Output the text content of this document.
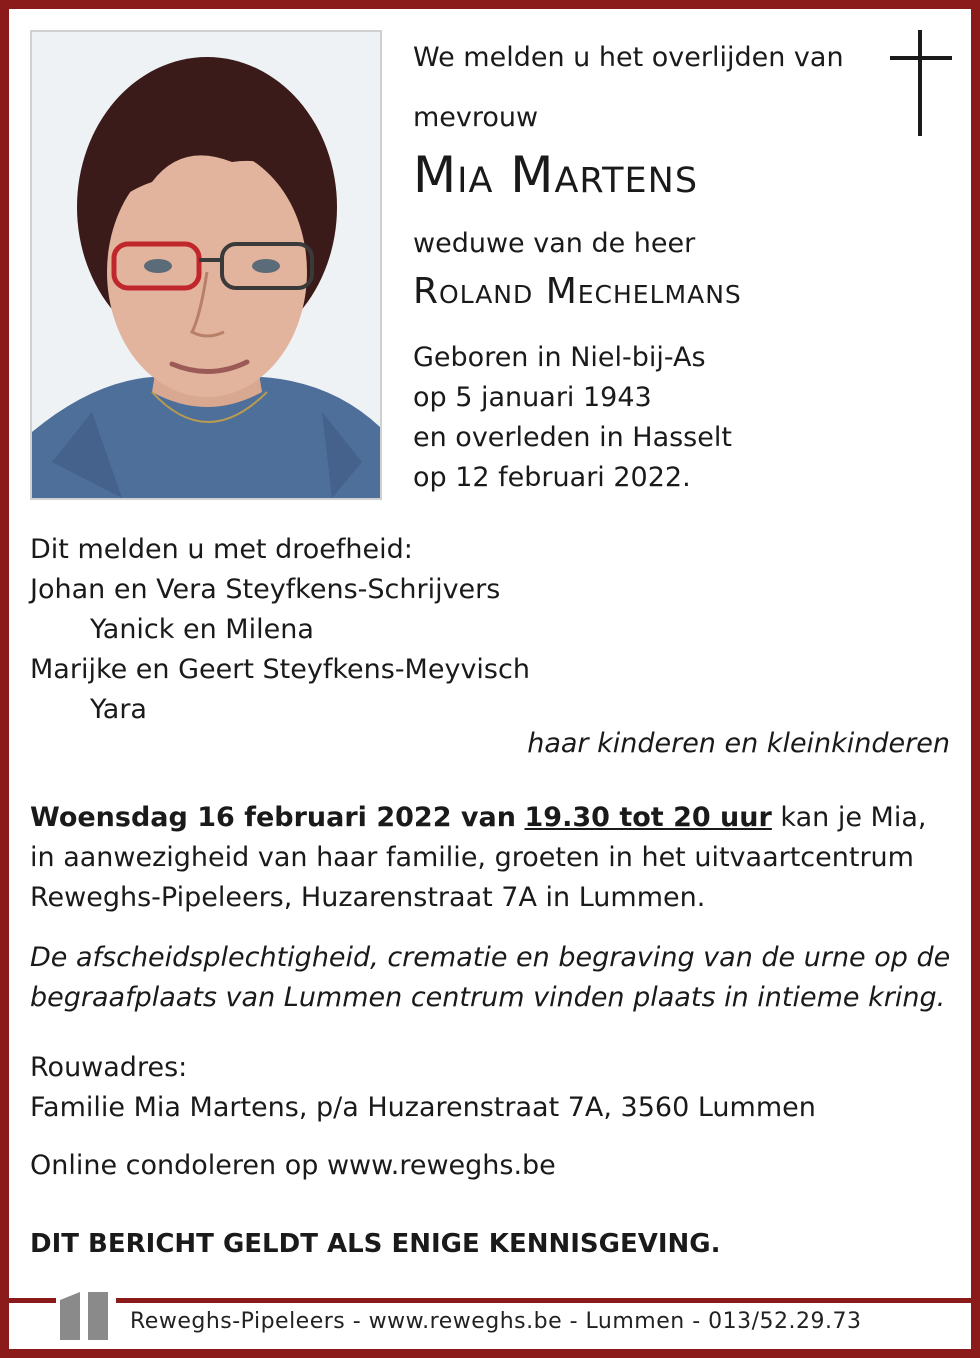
We melden u het overlijden van
mevrouw
Mia Martens
weduwe van de heer
Roland Mechelmans
Geboren in Niel-bij-As
op 5 januari 1943
en overleden in Hasselt
op 12 februari 2022.
Dit melden u met droefheid:
Johan en Vera Steyfkens-Schrijvers
Yanick en Milena
Marijke en Geert Steyfkens-Meyvisch
Yara
haar kinderen en kleinkinderen
Woensdag 16 februari 2022 van 19.30 tot 20 uur kan je Mia,
in aanwezigheid van haar familie, groeten in het uitvaartcentrum
Reweghs-Pipeleers, Huzarenstraat 7A in Lummen.
De afscheidsplechtigheid, crematie en begraving van de urne op de
begraafplaats van Lummen centrum vinden plaats in intieme kring.
Rouwadres:
Familie Mia Martens, p/a Huzarenstraat 7A, 3560 Lummen
Online condoleren op www.reweghs.be
DIT BERICHT GELDT ALS ENIGE KENNISGEVING.
Reweghs-Pipeleers - www.reweghs.be - Lummen - 013/52.29.73
